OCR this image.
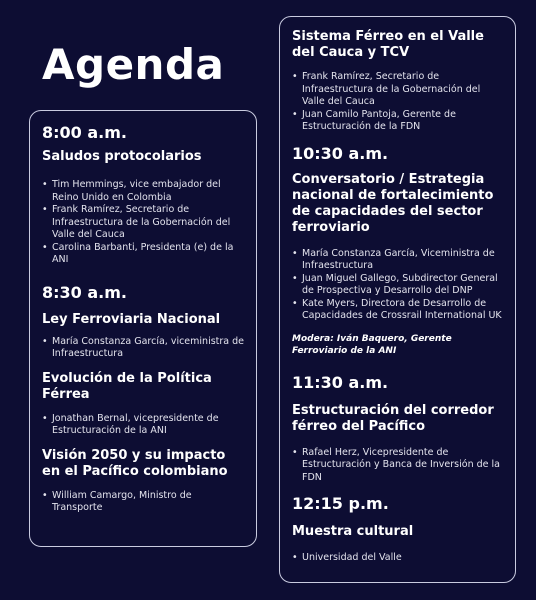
Agenda

8:00 a.m.

Saludos protocolarios

• Tim Hemmings, vice embajador del Reino Unido en Colombia
• Frank Ramírez, Secretario de Infraestructura de la Gobernación del Valle del Cauca
• Carolina Barbanti, Presidenta (e) de la ANI

8:30 a.m.

Ley Ferroviaria Nacional

• María Constanza García, viceministra de Infraestructura

Evolución de la Política Férrea

• Jonathan Bernal, vicepresidente de Estructuración de la ANI

Visión 2050 y su impacto en el Pacífico colombiano

• William Camargo, Ministro de Transporte

Sistema Férreo en el Valle del Cauca y TCV

• Frank Ramírez, Secretario de Infraestructura de la Gobernación del Valle del Cauca
• Juan Camilo Pantoja, Gerente de Estructuración de la FDN

10:30 a.m.

Conversatorio / Estrategia nacional de fortalecimiento de capacidades del sector ferroviario

• María Constanza García, Viceministra de Infraestructura
• Juan Miguel Gallego, Subdirector General de Prospectiva y Desarrollo del DNP
• Kate Myers, Directora de Desarrollo de Capacidades de Crossrail International UK

Modera: Iván Baquero, Gerente Ferroviario de la ANI

11:30 a.m.

Estructuración del corredor férreo del Pacífico

• Rafael Herz, Vicepresidente de Estructuración y Banca de Inversión de la FDN

12:15 p.m.

Muestra cultural

• Universidad del Valle
